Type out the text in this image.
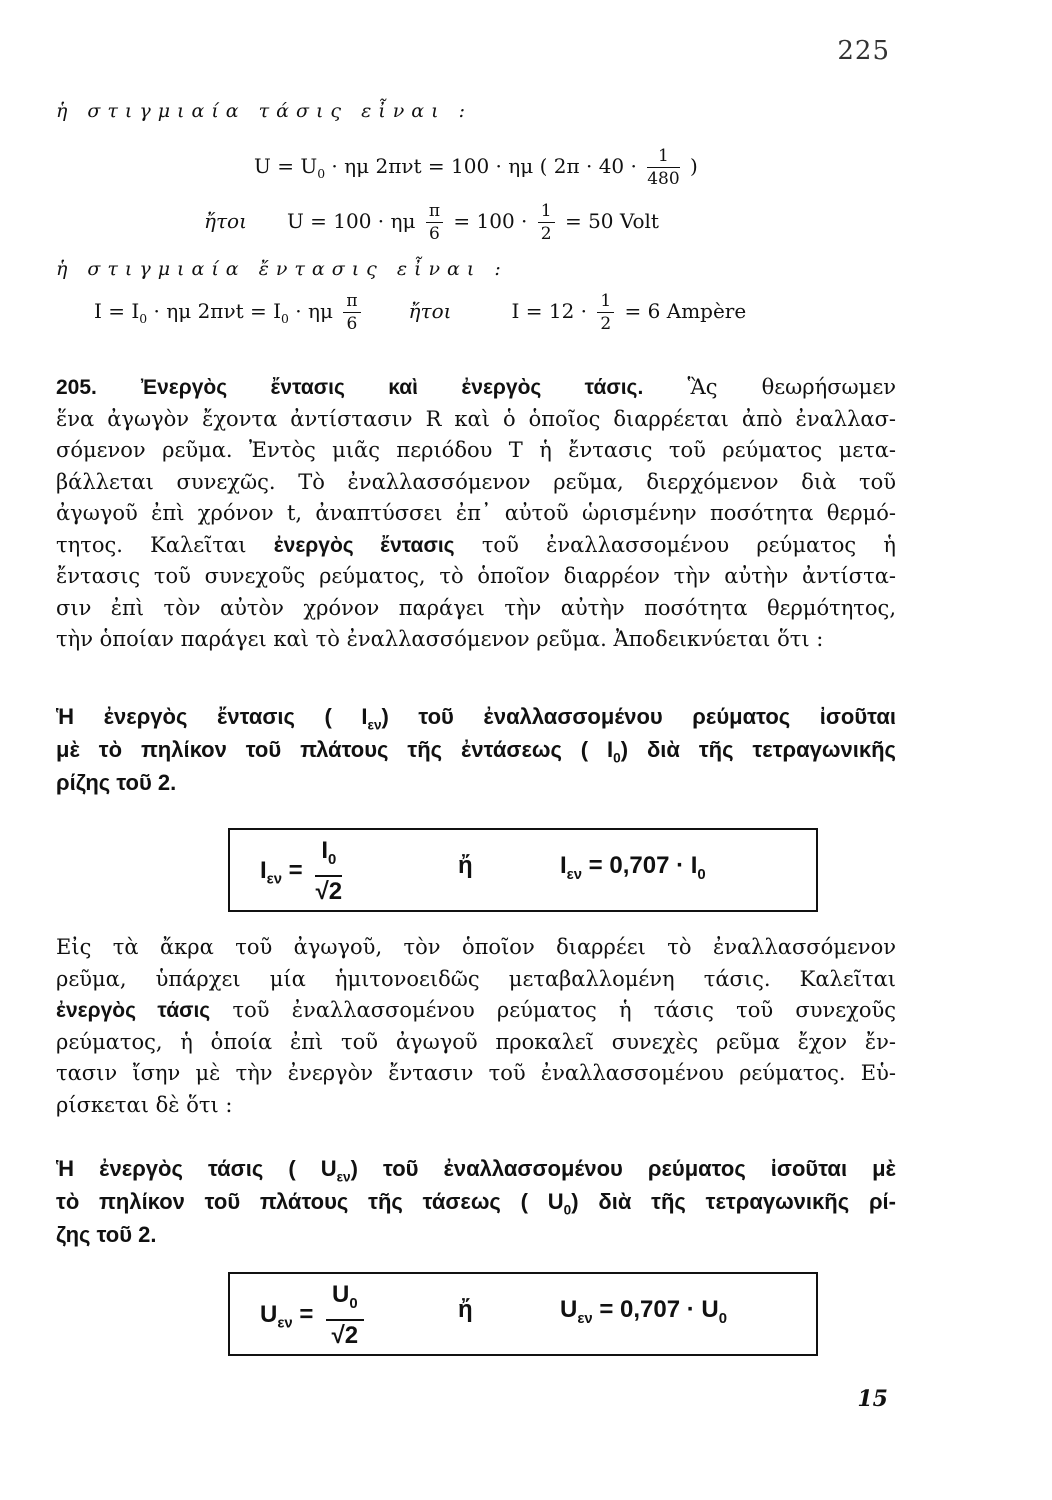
225
ἡ στιγμιαία τάσις εἶναι :
$U = U_0 \cdot \eta\mu$ 2πνt = 100 · ημ ( $2\pi \cdot 40 \cdot \frac{1}{480}$ )
ἤτοι U = 100 · ημ $\frac{\pi}{6} = 100 \cdot \frac{1}{2} = 50$ Volt
ἡ στιγμιαία ἔντασις εἶναι :
$I = I_0 \cdot \eta\mu$ $2\pi\nu t = I_0 \cdot \eta\mu \frac{\pi}{6}$ ἤτοι	$I = 12 \cdot \frac{1}{2} = 6$ Ampère
205. Ἐνεργὸς ἔντασις καὶ ἐνεργὸς τάσις. Ἃς θεωρήσωμεν
ἕνα ἀγωγὸν ἔχοντα ἀντίστασιν R καὶ ὁ ὁποῖος διαρρέεται ἀπὸ ἐναλλασ-
σόμενον ρεῦμα. Ἐντὸς μιᾶς περιόδου Τ ἡ ἔντασις τοῦ ρεύματος μετα-
βάλλεται συνεχῶς. Τὸ ἐναλλασσόμενον ρεῦμα, διερχόμενον διὰ τοῦ
ἀγωγοῦ ἐπὶ χρόνον t, ἀναπτύσσει ἐπ᾽ αὐτοῦ ὡρισμένην ποσότητα θερμό-
τητος. Καλεῖται ἐνεργὸς ἔντασις τοῦ ἐναλλασσομένου ρεύματος ἡ
ἔντασις τοῦ συνεχοῦς ρεύματος, τὸ ὁποῖον διαρρέον τὴν αὐτὴν ἀντίστα-
σιν ἐπὶ τὸν αὐτὸν χρόνον παράγει τὴν αὐτὴν ποσότητα θερμότητος,
τὴν ὁποίαν παράγει καὶ τὸ ἐναλλασσόμενον ρεῦμα. Ἀποδεικνύεται ὅτι :
Ἡ ἐνεργὸς ἔντασις ( $I_{\varepsilon\nu}$) τοῦ ἐναλλασσομένου ρεύματος ἰσοῦται
μὲ τὸ πηλίκον τοῦ πλάτους τῆς ἐντάσεως ( $I_0$) διὰ τῆς τετραγωνικῆς
ρίζης τοῦ 2.
$I_{\varepsilon\nu} = \frac{I_0}{√2}$	ἤ	$I_{\varepsilon\nu} = 0,707 \cdot I_0$
Εἰς τὰ ἄκρα τοῦ ἀγωγοῦ, τὸν ὁποῖον διαρρέει τὸ ἐναλλασσόμενον
ρεῦμα, ὑπάρχει μία ἡμιτονοειδῶς μεταβαλλομένη τάσις. Καλεῖται
ἐνεργὸς τάσις τοῦ ἐναλλασσομένου ρεύματος ἡ τάσις τοῦ συνεχοῦς
ρεύματος, ἡ ὁποία ἐπὶ τοῦ ἀγωγοῦ προκαλεῖ συνεχὲς ρεῦμα ἔχον ἔν-
τασιν ἴσην μὲ τὴν ἐνεργὸν ἔντασιν τοῦ ἐναλλασσομένου ρεύματος. Εὑ-
ρίσκεται δὲ ὅτι :
Ἡ ἐνεργὸς τάσις ( $U_{\varepsilon\nu}$) τοῦ ἐναλλασσομένου ρεύματος ἰσοῦται μὲ
τὸ πηλίκον τοῦ πλάτους τῆς τάσεως ( $U_0$) διὰ τῆς τετραγωνικῆς ρί-
ζης τοῦ 2.
$U_{\varepsilon\nu} = \frac{U_0}{√2}$	ἤ	$U_{\varepsilon\nu} = 0,707 \cdot U_0$
15
